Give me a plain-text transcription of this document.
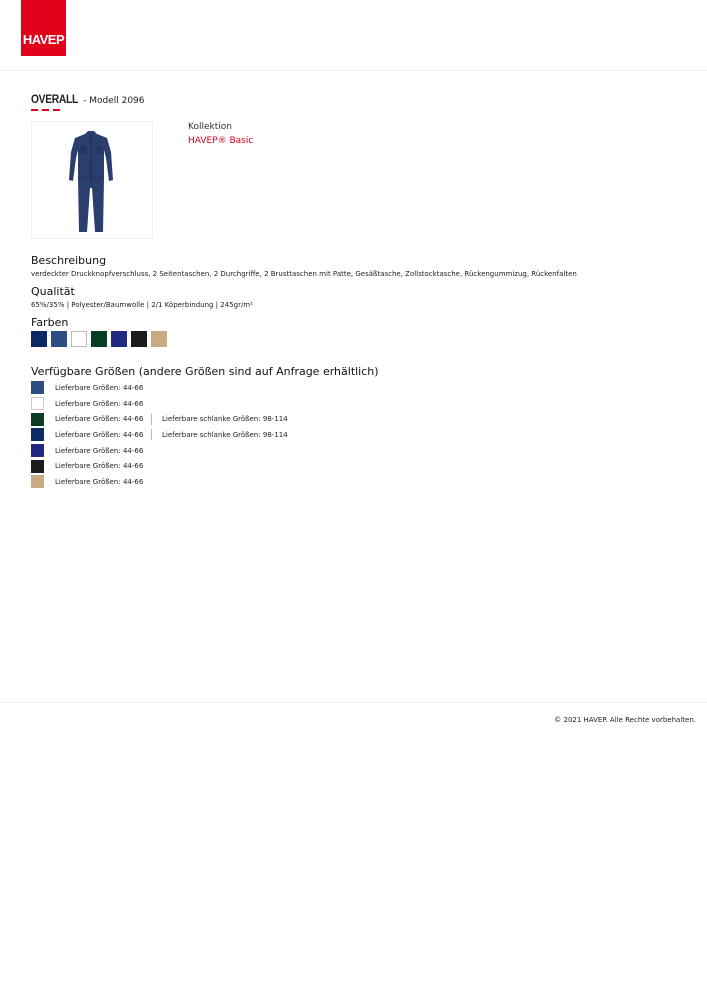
HAVEP
OVERALL - Modell 2096
Kollektion
HAVEP® Basic
Beschreibung
verdeckter Druckknopfverschluss, 2 Seitentaschen, 2 Durchgriffe, 2 Brusttaschen mit Patte, Gesäßtasche, Zollstocktasche, Rückengummizug, Rückenfalten
Qualität
65%/35% | Polyester/Baumwolle | 2/1 Köperbindung | 245gr/m²
Farben
Verfügbare Größen (andere Größen sind auf Anfrage erhältlich)
Lieferbare Größen: 44-66
Lieferbare Größen: 44-66
Lieferbare Größen: 44-66	Lieferbare schlanke Größen: 98-114
Lieferbare Größen: 44-66	Lieferbare schlanke Größen: 98-114
Lieferbare Größen: 44-66
Lieferbare Größen: 44-66
Lieferbare Größen: 44-66
© 2021 HAVEP. Alle Rechte vorbehalten.
